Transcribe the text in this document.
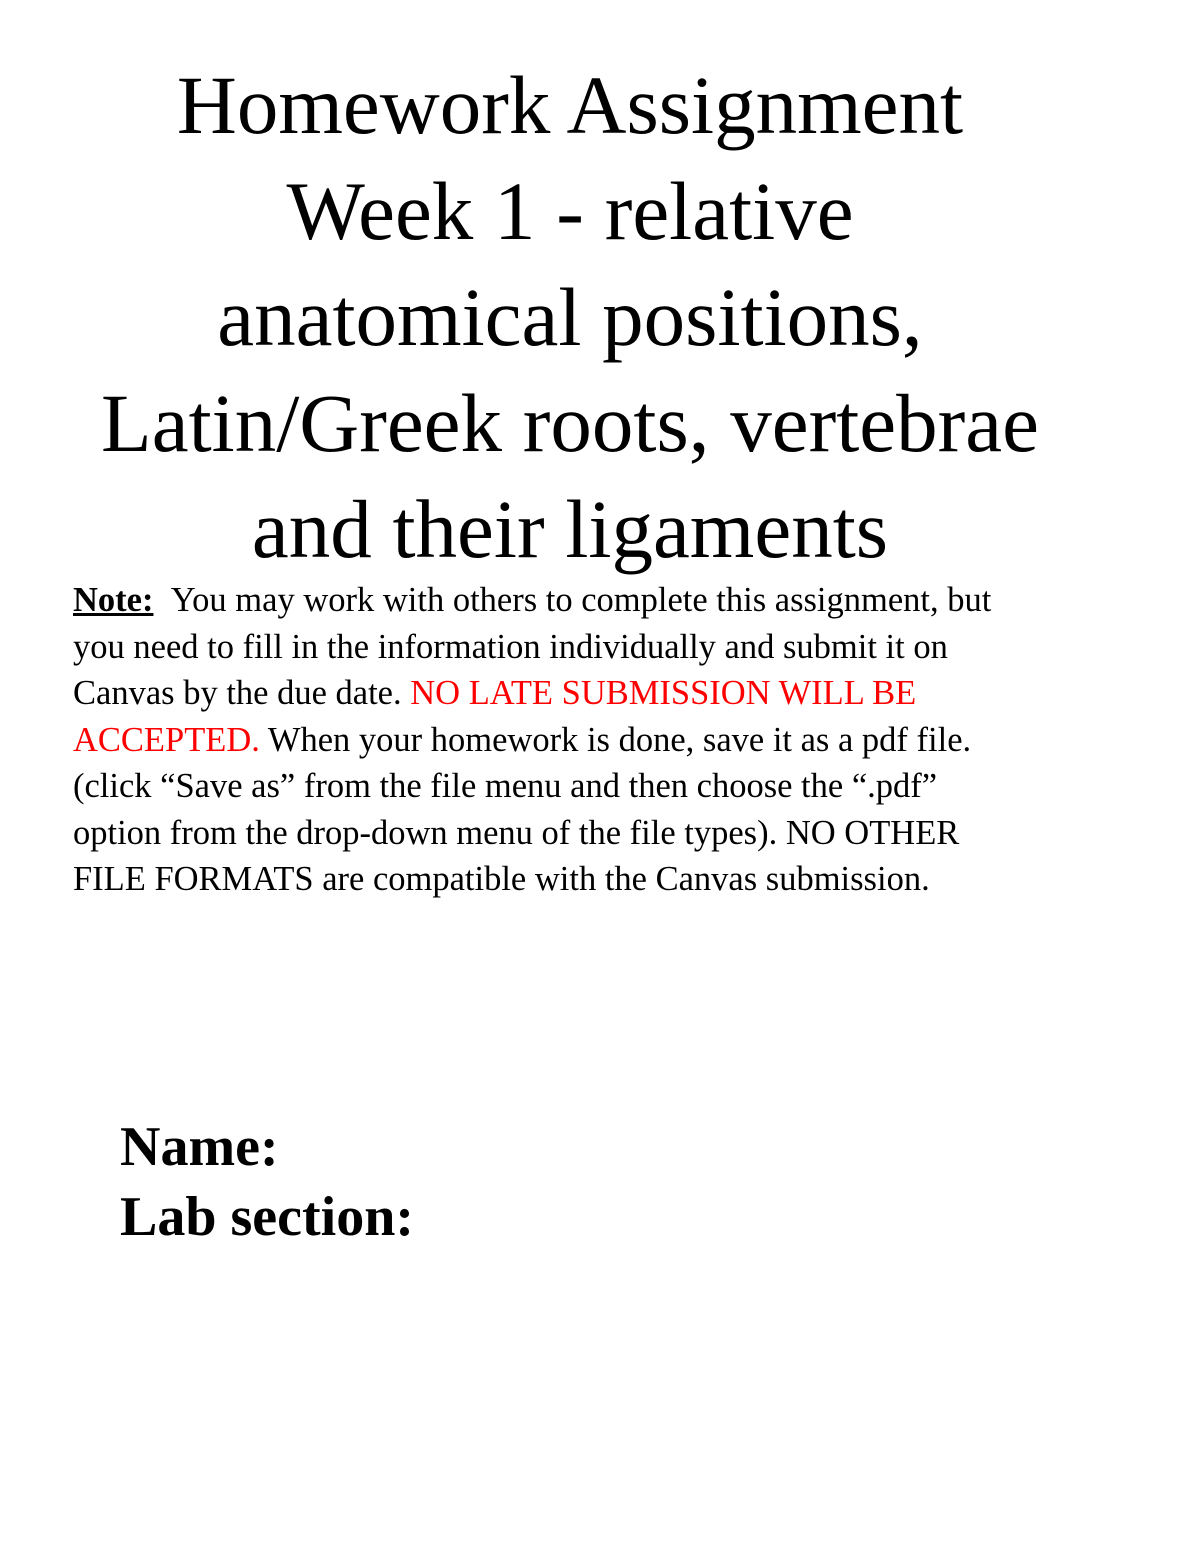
Homework Assignment
Week 1 - relative
anatomical positions,
Latin/Greek roots, vertebrae
and their ligaments
Note: You may work with others to complete this assignment, but
you need to fill in the information individually and submit it on
Canvas by the due date. NO LATE SUBMISSION WILL BE
ACCEPTED. When your homework is done, save it as a pdf file.
(click “Save as” from the file menu and then choose the “.pdf”
option from the drop-down menu of the file types). NO OTHER
FILE FORMATS are compatible with the Canvas submission.
Name:
Lab section:
